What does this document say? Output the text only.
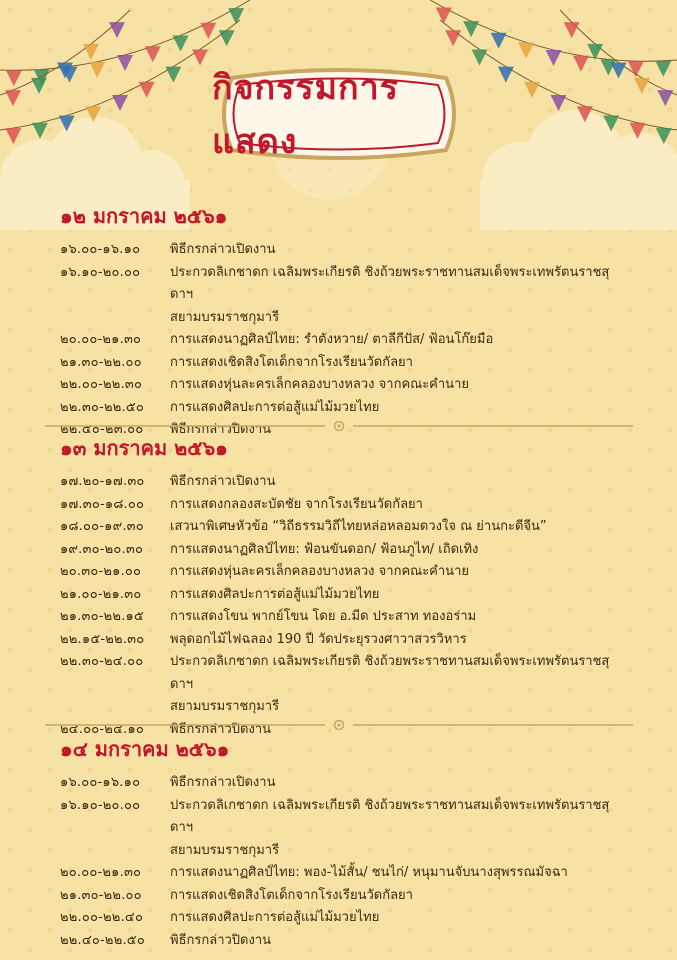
กิจกรรมการแสดง
๑๒ มกราคม ๒๕๖๑
๑๖.๐๐-๑๖.๑๐	พิธีกรกล่าวเปิดงาน
๑๖.๑๐-๒๐.๐๐	ประกวดลิเกชาดก เฉลิมพระเกียรติ ชิงถ้วยพระราชทานสมเด็จพระเทพรัตนราชสุดาฯ
สยามบรมราชกุมารี
๒๐.๐๐-๒๑.๓๐	การแสดงนาฏศิลป์ไทย: รำตังหวาย/ ตาลีกีปัส/ ฟ้อนโก๊ยมือ
๒๑.๓๐-๒๒.๐๐	การแสดงเชิดสิงโตเด็กจากโรงเรียนวัดกัลยา
๒๒.๐๐-๒๒.๓๐	การแสดงหุ่นละครเล็กคลองบางหลวง จากคณะคำนาย
๒๒.๓๐-๒๒.๕๐	การแสดงศิลปะการต่อสู้แม่ไม้มวยไทย
๒๒.๕๐-๒๓.๐๐	พิธีกรกล่าวปิดงาน
๑๓ มกราคม ๒๕๖๑
๑๗.๒๐-๑๗.๓๐	พิธีกรกล่าวเปิดงาน
๑๗.๓๐-๑๘.๐๐	การแสดงกลองสะบัดชัย จากโรงเรียนวัดกัลยา
๑๘.๐๐-๑๙.๓๐	เสวนาพิเศษหัวข้อ “วิถีธรรมวิถีไทยหล่อหลอมดวงใจ ณ ย่านกะดีจีน”
๑๙.๓๐-๒๐.๓๐	การแสดงนาฏศิลป์ไทย: ฟ้อนขันดอก/ ฟ้อนภูไท/ เถิดเทิง
๒๐.๓๐-๒๑.๐๐	การแสดงหุ่นละครเล็กคลองบางหลวง จากคณะคำนาย
๒๑.๐๐-๒๑.๓๐	การแสดงศิลปะการต่อสู้แม่ไม้มวยไทย
๒๑.๓๐-๒๒.๑๕	การแสดงโขน พากย์โขน โดย อ.มีด ประสาท ทองอร่าม
๒๒.๑๕-๒๒.๓๐	พลุดอกไม้ไฟฉลอง 190 ปี วัดประยุรวงศาวาสวรวิหาร
๒๒.๓๐-๒๔.๐๐	ประกวดลิเกชาดก เฉลิมพระเกียรติ ชิงถ้วยพระราชทานสมเด็จพระเทพรัตนราชสุดาฯ
สยามบรมราชกุมารี
๒๔.๐๐-๒๔.๑๐	พิธีกรกล่าวปิดงาน
๑๔ มกราคม ๒๕๖๑
๑๖.๐๐-๑๖.๑๐	พิธีกรกล่าวเปิดงาน
๑๖.๑๐-๒๐.๐๐	ประกวดลิเกชาดก เฉลิมพระเกียรติ ชิงถ้วยพระราชทานสมเด็จพระเทพรัตนราชสุดาฯ
สยามบรมราชกุมารี
๒๐.๐๐-๒๑.๓๐	การแสดงนาฏศิลป์ไทย: พอง-ไม้สั้น/ ชนไก่/ หนุมานจับนางสุพรรณมัจฉา
๒๑.๓๐-๒๒.๐๐	การแสดงเชิดสิงโตเด็กจากโรงเรียนวัดกัลยา
๒๒.๐๐-๒๒.๔๐	การแสดงศิลปะการต่อสู้แม่ไม้มวยไทย
๒๒.๔๐-๒๒.๕๐	พิธีกรกล่าวปิดงาน
